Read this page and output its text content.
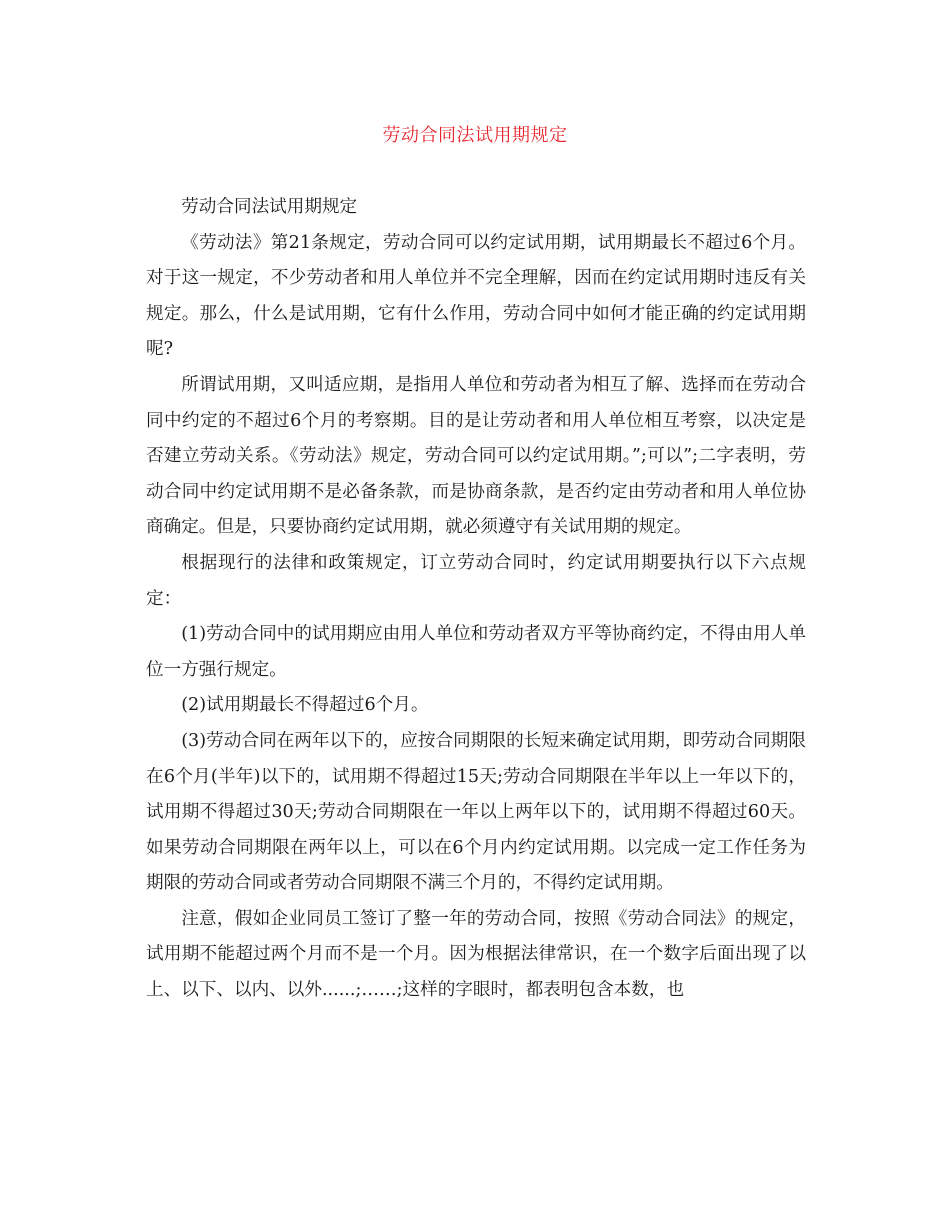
劳动合同法试用期规定

劳动合同法试用期规定

《劳动法》第21条规定，劳动合同可以约定试用期，试用期最长不超过6个月。对于这一规定，不少劳动者和用人单位并不完全理解，因而在约定试用期时违反有关规定。那么，什么是试用期，它有什么作用，劳动合同中如何才能正确的约定试用期呢?

所谓试用期，又叫适应期，是指用人单位和劳动者为相互了解、选择而在劳动合同中约定的不超过6个月的考察期。目的是让劳动者和用人单位相互考察，以决定是否建立劳动关系。《劳动法》规定，劳动合同可以约定试用期。”;可以”;二字表明，劳动合同中约定试用期不是必备条款，而是协商条款，是否约定由劳动者和用人单位协商确定。但是，只要协商约定试用期，就必须遵守有关试用期的规定。

根据现行的法律和政策规定，订立劳动合同时，约定试用期要执行以下六点规定：

(1)劳动合同中的试用期应由用人单位和劳动者双方平等协商约定，不得由用人单位一方强行规定。

(2)试用期最长不得超过6个月。

(3)劳动合同在两年以下的，应按合同期限的长短来确定试用期，即劳动合同期限在6个月(半年)以下的，试用期不得超过15天;劳动合同期限在半年以上一年以下的，试用期不得超过30天;劳动合同期限在一年以上两年以下的，试用期不得超过60天。如果劳动合同期限在两年以上，可以在6个月内约定试用期。以完成一定工作任务为期限的劳动合同或者劳动合同期限不满三个月的，不得约定试用期。

注意，假如企业同员工签订了整一年的劳动合同，按照《劳动合同法》的规定，试用期不能超过两个月而不是一个月。因为根据法律常识，在一个数字后面出现了以上、以下、以内、以外......;……;这样的字眼时，都表明包含本数，也
